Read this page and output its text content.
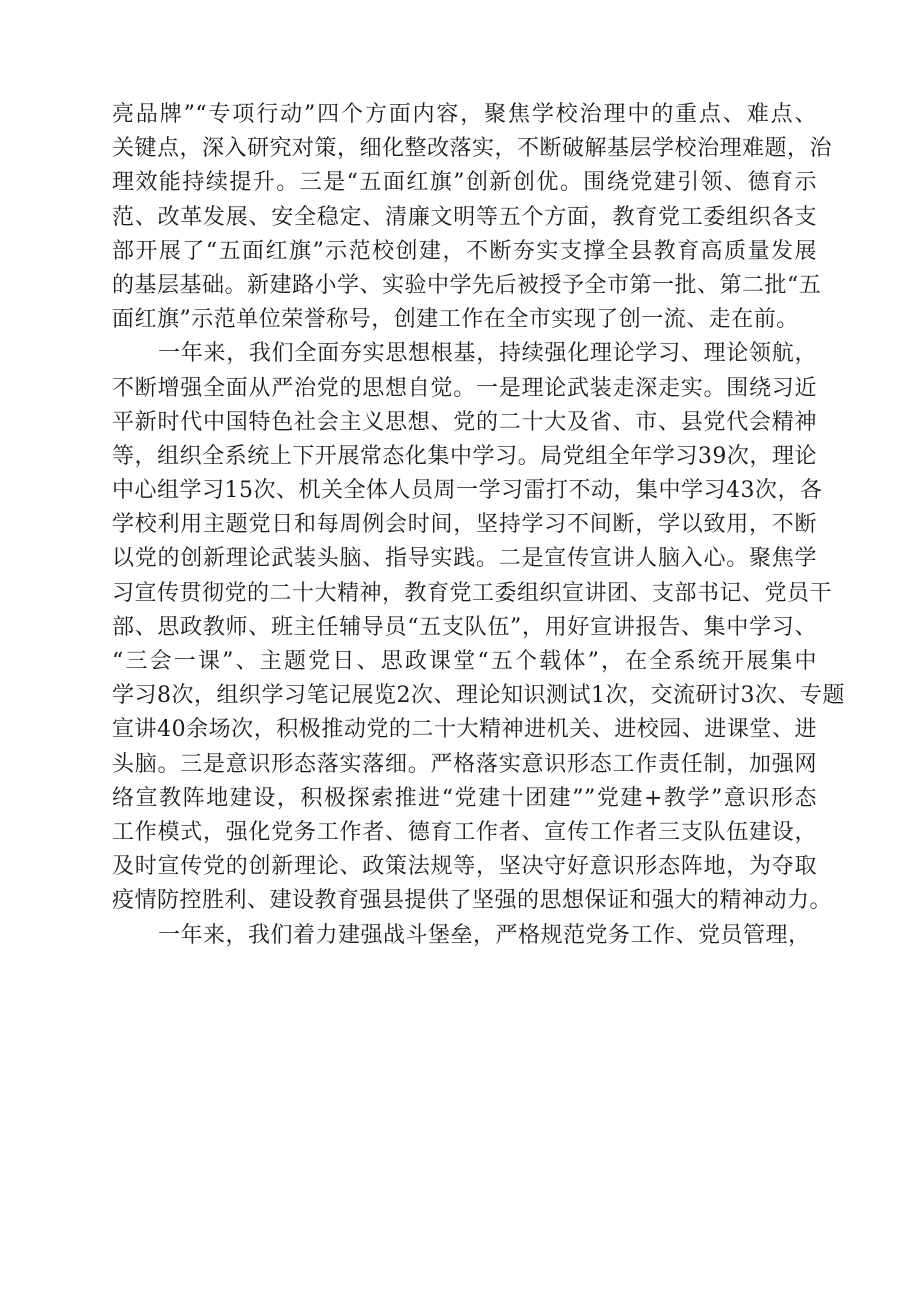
亮品牌”“专项行动”四个方面内容，聚焦学校治理中的重点、难点、
关键点，深入研究对策，细化整改落实，不断破解基层学校治理难题，治
理效能持续提升。三是“五面红旗”创新创优。围绕党建引领、德育示
范、改革发展、安全稳定、清廉文明等五个方面，教育党工委组织各支
部开展了“五面红旗”示范校创建，不断夯实支撑全县教育高质量发展
的基层基础。新建路小学、实验中学先后被授予全市第一批、第二批“五
面红旗”示范单位荣誉称号，创建工作在全市实现了创一流、走在前。
一年来，我们全面夯实思想根基，持续强化理论学习、理论领航，
不断增强全面从严治党的思想自觉。一是理论武装走深走实。围绕习近
平新时代中国特色社会主义思想、党的二十大及省、市、县党代会精神
等，组织全系统上下开展常态化集中学习。局党组全年学习39次，理论
中心组学习15次、机关全体人员周一学习雷打不动，集中学习43次，各
学校利用主题党日和每周例会时间，坚持学习不间断，学以致用，不断
以党的创新理论武装头脑、指导实践。二是宣传宣讲人脑入心。聚焦学
习宣传贯彻党的二十大精神，教育党工委组织宣讲团、支部书记、党员干
部、思政教师、班主任辅导员“五支队伍”，用好宣讲报告、集中学习、
“三会一课”、主题党日、思政课堂“五个载体”，在全系统开展集中
学习8次，组织学习笔记展览2次、理论知识测试1次，交流研讨3次、专题
宣讲40余场次，积极推动党的二十大精神进机关、进校园、进课堂、进
头脑。三是意识形态落实落细。严格落实意识形态工作责任制，加强网
络宣教阵地建设，积极探索推进“党建十团建””党建+教学”意识形态
工作模式，强化党务工作者、德育工作者、宣传工作者三支队伍建设，
及时宣传党的创新理论、政策法规等，坚决守好意识形态阵地，为夺取
疫情防控胜利、建设教育强县提供了坚强的思想保证和强大的精神动力。
一年来，我们着力建强战斗堡垒，严格规范党务工作、党员管理，
